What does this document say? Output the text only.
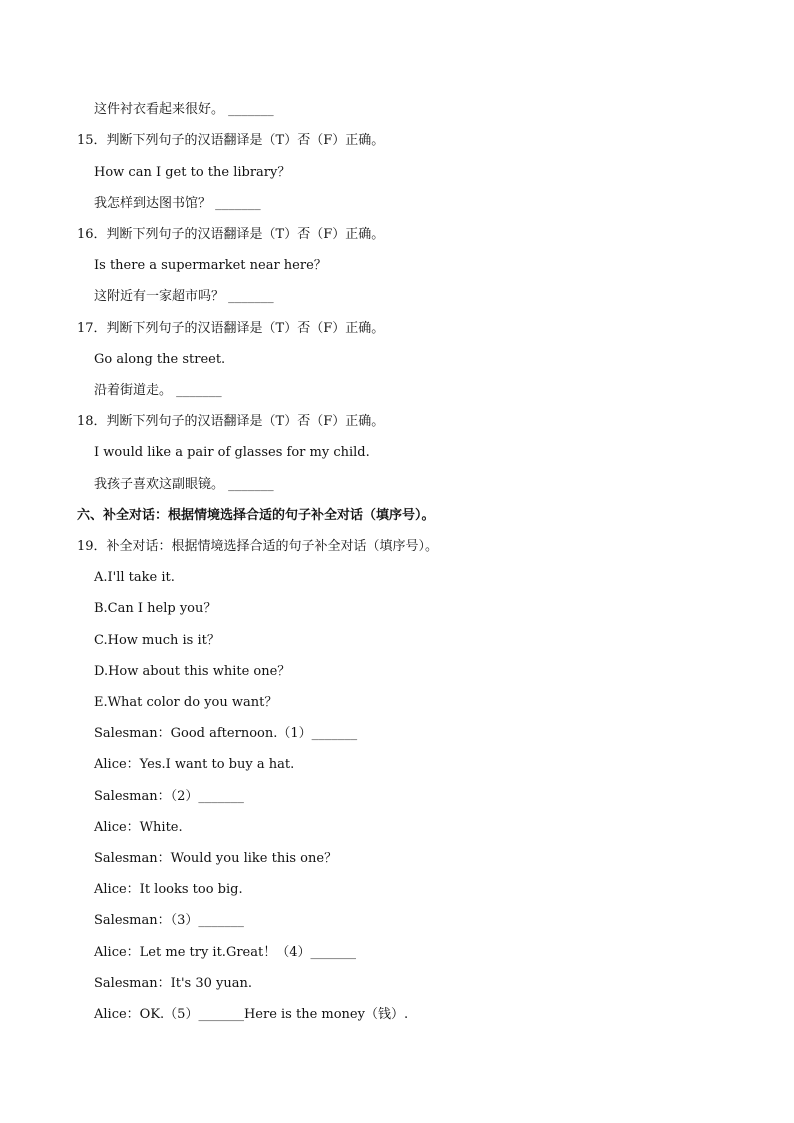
这件衬衣看起来很好。 _______
15．判断下列句子的汉语翻译是（T）否（F）正确。
How can I get to the library？
我怎样到达图书馆？ _______
16．判断下列句子的汉语翻译是（T）否（F）正确。
Is there a supermarket near here？
这附近有一家超市吗？ _______
17．判断下列句子的汉语翻译是（T）否（F）正确。
Go along the street.
沿着街道走。 _______
18．判断下列句子的汉语翻译是（T）否（F）正确。
I would like a pair of glasses for my child.
我孩子喜欢这副眼镜。 _______
六、补全对话：根据情境选择合适的句子补全对话（填序号）。
19．补全对话：根据情境选择合适的句子补全对话（填序号）。
A.I'll take it.
B.Can I help you？
C.How much is it？
D.How about this white one？
E.What color do you want？
Salesman：Good afternoon.（1）_______
Alice：Yes.I want to buy a hat.
Salesman：（2）_______
Alice：White.
Salesman：Would you like this one？
Alice：It looks too big.
Salesman：（3）_______
Alice：Let me try it.Great！（4）_______
Salesman：It's 30 yuan.
Alice：OK.（5）_______Here is the money（钱）.
